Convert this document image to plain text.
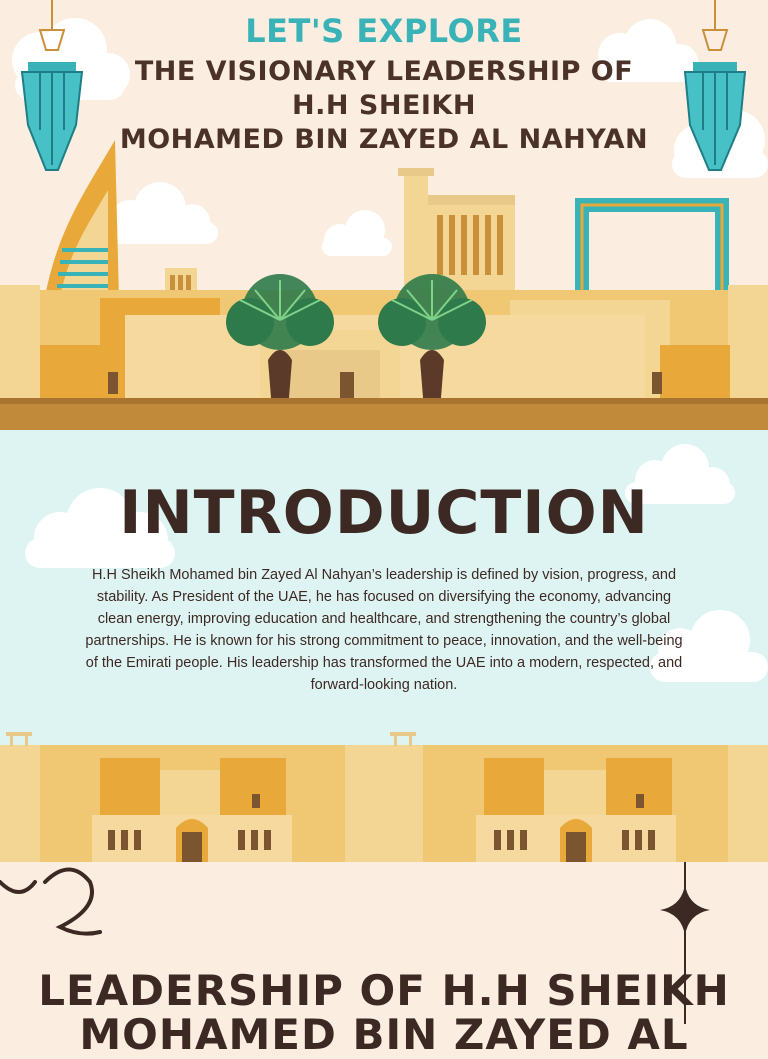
LET'S EXPLORE
THE VISIONARY LEADERSHIP OF
H.H SHEIKH
MOHAMED BIN ZAYED AL NAHYAN
INTRODUCTION
H.H Sheikh Mohamed bin Zayed Al Nahyan’s leadership is defined by vision, progress, and stability. As President of the UAE, he has focused on diversifying the economy, advancing clean energy, improving education and healthcare, and strengthening the country’s global partnerships. He is known for his strong commitment to peace, innovation, and the well-being of the Emirati people. His leadership has transformed the UAE into a modern, respected, and forward-looking nation.
LEADERSHIP OF H.H SHEIKH
MOHAMED BIN ZAYED AL
